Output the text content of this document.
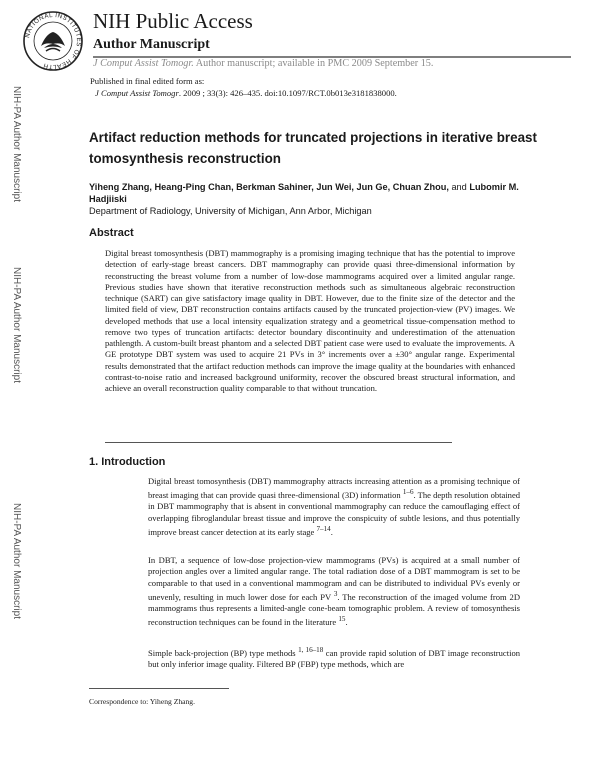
NATIONAL INSTITUTES OF HEALTH
NIH Public Access
Author Manuscript
J Comput Assist Tomogr. Author manuscript; available in PMC 2009 September 15.
Published in final edited form as:
J Comput Assist Tomogr. 2009 ; 33(3): 426–435. doi:10.1097/RCT.0b013e3181838000.
NIH-PA Author Manuscript
NIH-PA Author Manuscript
NIH-PA Author Manuscript
Artifact reduction methods for truncated projections in iterative breast tomosynthesis reconstruction
Yiheng Zhang, Heang-Ping Chan, Berkman Sahiner, Jun Wei, Jun Ge, Chuan Zhou, and Lubomir M. Hadjiiski
Department of Radiology, University of Michigan, Ann Arbor, Michigan
Abstract
Digital breast tomosynthesis (DBT) mammography is a promising imaging technique that has the potential to improve detection of early-stage breast cancers. DBT mammography can provide quasi three-dimensional information by reconstructing the breast volume from a number of low-dose mammograms acquired over a limited angular range. Previous studies have shown that iterative reconstruction methods such as simultaneous algebraic reconstruction technique (SART) can give satisfactory image quality in DBT. However, due to the finite size of the detector and the limited field of view, DBT reconstruction contains artifacts caused by the truncated projection-view (PV) images. We developed methods that use a local intensity equalization strategy and a geometrical tissue-compensation method to remove two types of truncation artifacts: detector boundary discontinuity and underestimation of the attenuation pathlength. A custom-built breast phantom and a selected DBT patient case were used to evaluate the improvements. A GE prototype DBT system was used to acquire 21 PVs in 3° increments over a ±30° angular range. Experimental results demonstrated that the artifact reduction methods can improve the image quality at the boundaries with enhanced contrast-to-noise ratio and increased background uniformity, recover the obscured breast structural information, and achieve an overall reconstruction quality comparable to that without truncation.
1. Introduction
Digital breast tomosynthesis (DBT) mammography attracts increasing attention as a promising technique of breast imaging that can provide quasi three-dimensional (3D) information $^{1-6}$. The depth resolution obtained in DBT mammography that is absent in conventional mammography can reduce the camouflaging effect of overlapping fibroglandular breast tissue and improve the conspicuity of subtle lesions, and thus potentially improve breast cancer detection at its early stage $^{7-14}$.
In DBT, a sequence of low-dose projection-view mammograms (PVs) is acquired at a small number of projection angles over a limited angular range. The total radiation dose of a DBT mammogram is set to be comparable to that used in a conventional mammogram and can be distributed to individual PVs evenly or unevenly, resulting in much lower dose for each PV $^3$. The reconstruction of the imaged volume from 2D mammograms thus represents a limited-angle cone-beam tomographic problem. A review of tomosynthesis reconstruction techniques can be found in the literature $^{15}$.
Simple back-projection (BP) type methods $^{1, 16-18}$ can provide rapid solution of DBT image reconstruction but only inferior image quality. Filtered BP (FBP) type methods, which are
Correspondence to: Yiheng Zhang.
